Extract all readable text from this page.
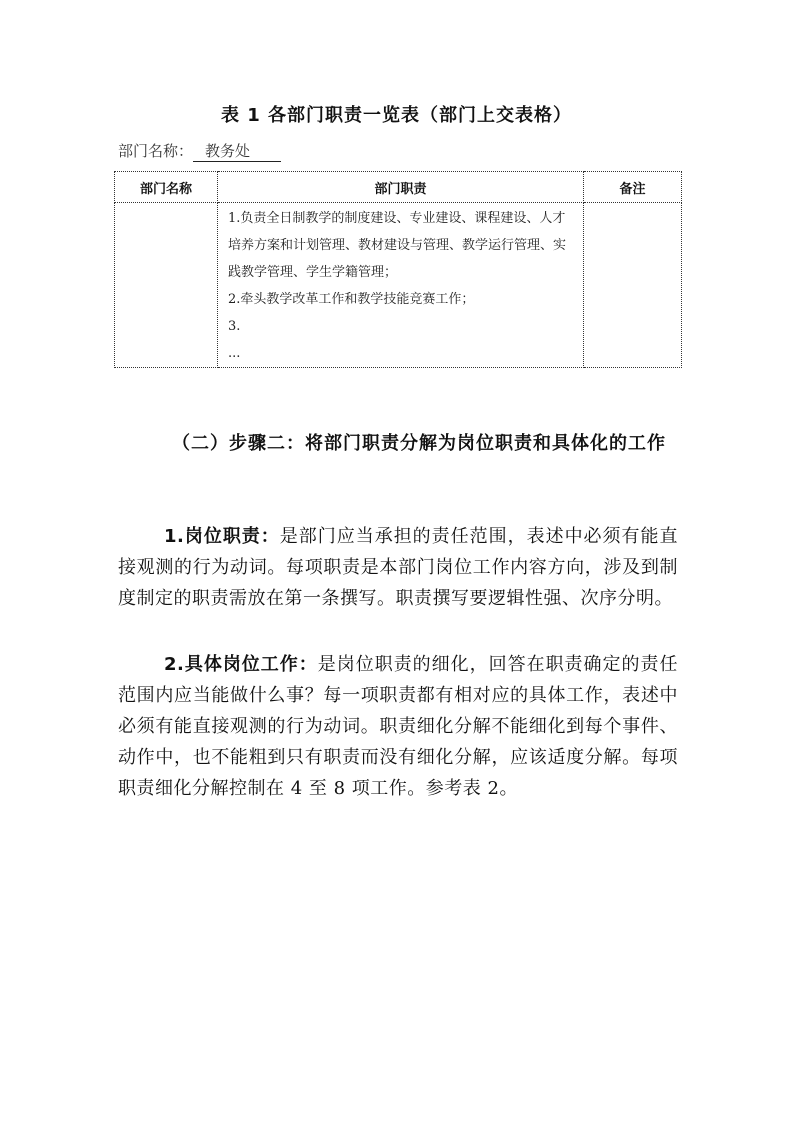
表 1 各部门职责一览表（部门上交表格）
部门名称： 教务处
部门名称	部门职责	备注

	1.负责全日制教学的制度建设、专业建设、课程建设、人才培养方案和计划管理、教材建设与管理、教学运行管理、实践教学管理、学生学籍管理；
2.牵头教学改革工作和教学技能竞赛工作；
3.
...	

（二）步骤二：将部门职责分解为岗位职责和具体化的工作

1.岗位职责：是部门应当承担的责任范围，表述中必须有能直接观测的行为动词。每项职责是本部门岗位工作内容方向，涉及到制度制定的职责需放在第一条撰写。职责撰写要逻辑性强、次序分明。

2.具体岗位工作：是岗位职责的细化，回答在职责确定的责任范围内应当能做什么事？每一项职责都有相对应的具体工作，表述中必须有能直接观测的行为动词。职责细化分解不能细化到每个事件、动作中，也不能粗到只有职责而没有细化分解，应该适度分解。每项职责细化分解控制在 4 至 8 项工作。参考表 2。
